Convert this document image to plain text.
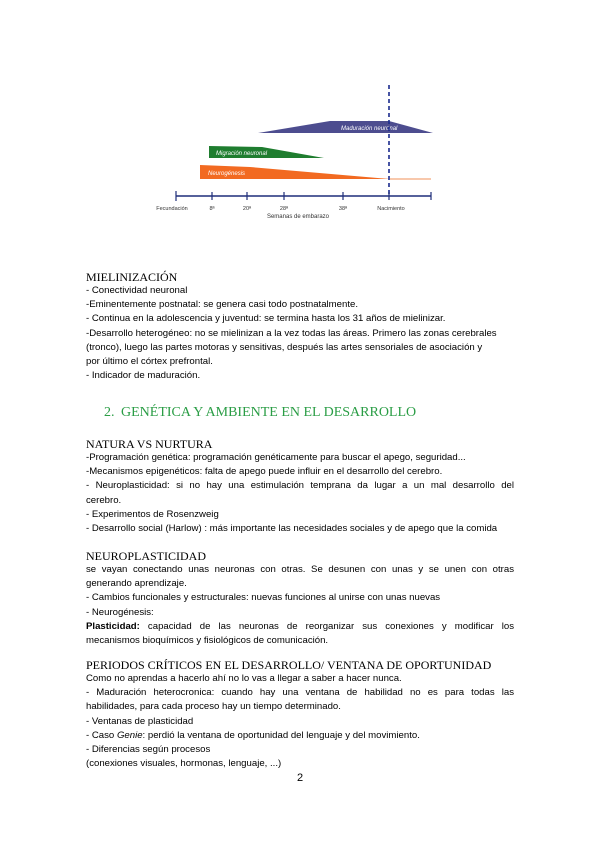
Maduración neuronal
Migración neuronal
Neurogénesis
Fecundación	8ª	20ª	28ª	38ª	Nacimiento
Semanas de embarazo
MIELINIZACIÓN
- Conectividad neuronal
-Eminentemente postnatal: se genera casi todo postnatalmente.
- Continua en la adolescencia y juventud: se termina hasta los 31 años de mielinizar.
-Desarrollo heterogéneo: no se mielinizan a la vez todas las áreas. Primero las zonas cerebrales
(tronco), luego las partes motoras y sensitivas, después las artes sensoriales de asociación y
por último el córtex prefrontal.
- Indicador de maduración.
2. GENÉTICA Y AMBIENTE EN EL DESARROLLO
NATURA VS NURTURA
-Programación genética: programación genéticamente para buscar el apego, seguridad...
-Mecanismos epigenéticos: falta de apego puede influir en el desarrollo del cerebro.
- Neuroplasticidad: si no hay una estimulación temprana da lugar a un mal desarrollo del
cerebro.
- Experimentos de Rosenzweig
- Desarrollo social (Harlow) : más importante las necesidades sociales y de apego que la comida
NEUROPLASTICIDAD
se vayan conectando unas neuronas con otras. Se desunen con unas y se unen con otras
generando aprendizaje.
- Cambios funcionales y estructurales: nuevas funciones al unirse con unas nuevas
- Neurogénesis:
Plasticidad: capacidad de las neuronas de reorganizar sus conexiones y modificar los
mecanismos bioquímicos y fisiológicos de comunicación.
PERIODOS CRÍTICOS EN EL DESARROLLO/ VENTANA DE OPORTUNIDAD
Como no aprendas a hacerlo ahí no lo vas a llegar a saber a hacer nunca.
- Maduración heterocronica: cuando hay una ventana de habilidad no es para todas las
habilidades, para cada proceso hay un tiempo determinado.
- Ventanas de plasticidad
- Caso Genie: perdió la ventana de oportunidad del lenguaje y del movimiento.
- Diferencias según procesos
(conexiones visuales, hormonas, lenguaje, ...)
2
